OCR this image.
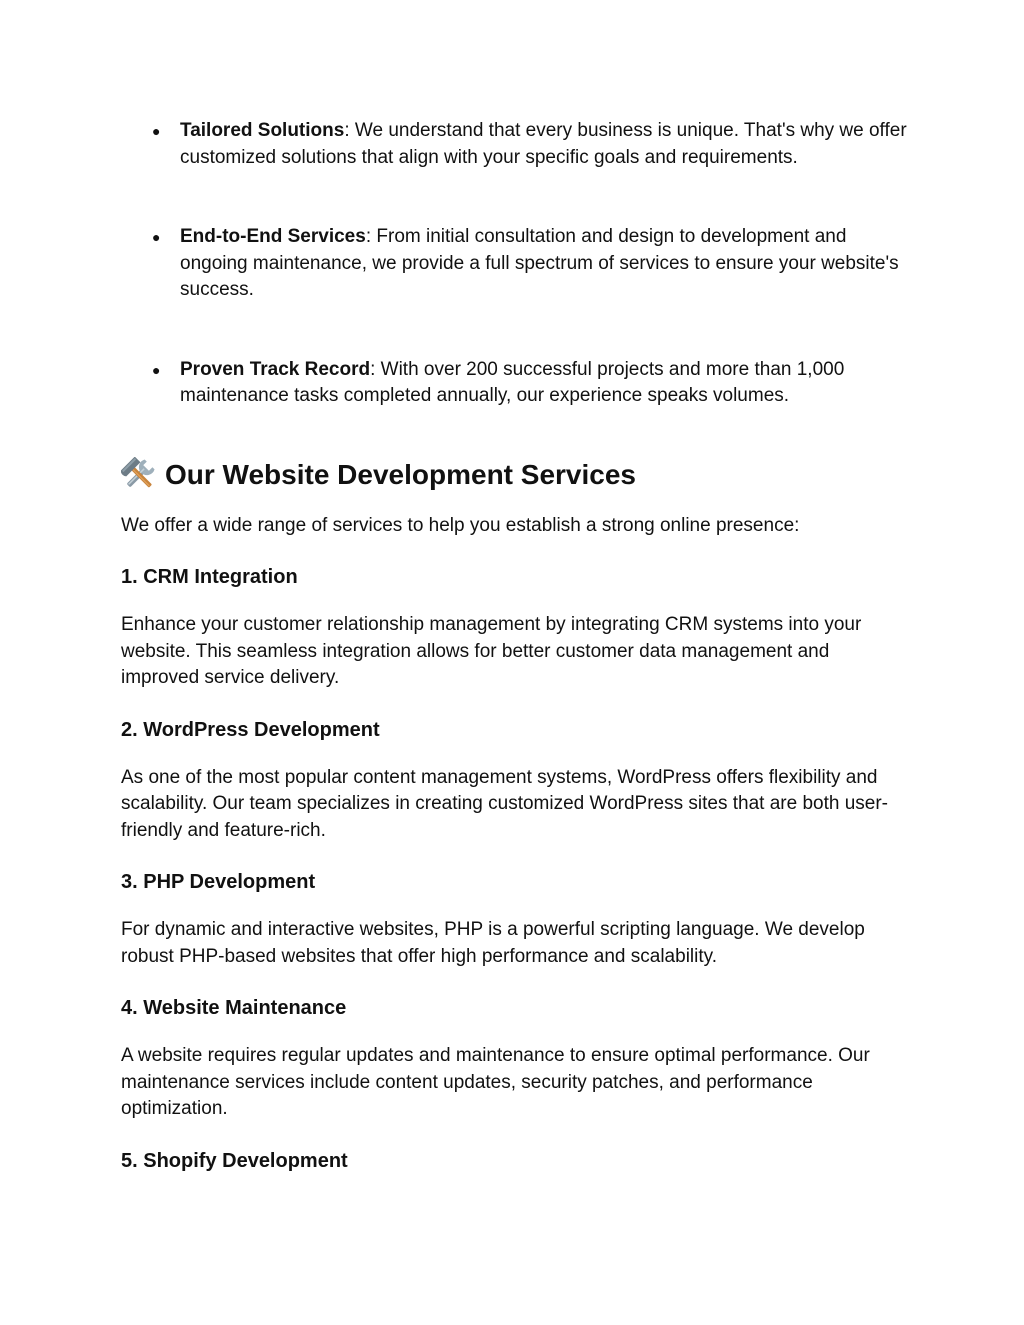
● Tailored Solutions: We understand that every business is unique. That's why we offer customized solutions that align with your specific goals and requirements.
● End-to-End Services: From initial consultation and design to development and ongoing maintenance, we provide a full spectrum of services to ensure your website's success.
● Proven Track Record: With over 200 successful projects and more than 1,000 maintenance tasks completed annually, our experience speaks volumes.
Our Website Development Services

We offer a wide range of services to help you establish a strong online presence:

1. CRM Integration

Enhance your customer relationship management by integrating CRM systems into your website. This seamless integration allows for better customer data management and improved service delivery.

2. WordPress Development

As one of the most popular content management systems, WordPress offers flexibility and scalability. Our team specializes in creating customized WordPress sites that are both user-friendly and feature-rich.

3. PHP Development

For dynamic and interactive websites, PHP is a powerful scripting language. We develop robust PHP-based websites that offer high performance and scalability.

4. Website Maintenance

A website requires regular updates and maintenance to ensure optimal performance. Our maintenance services include content updates, security patches, and performance optimization.

5. Shopify Development
